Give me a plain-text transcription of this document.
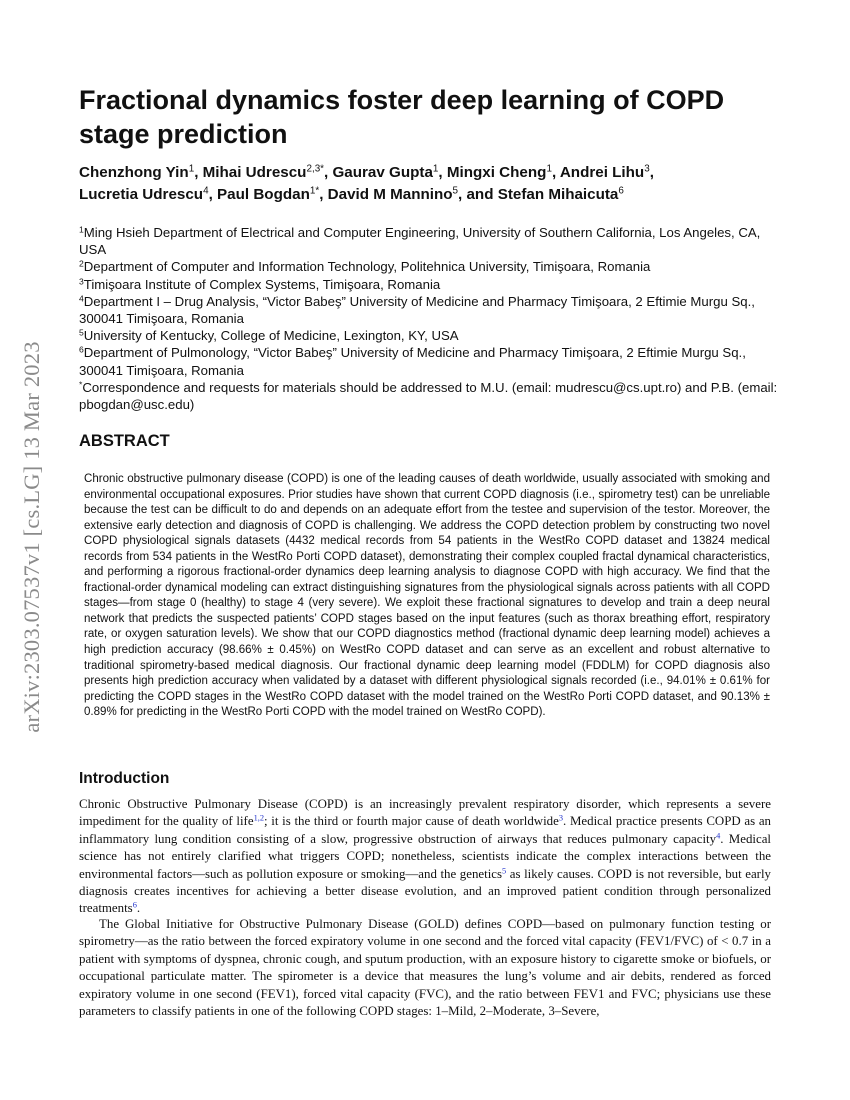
arXiv:2303.07537v1 [cs.LG] 13 Mar 2023
Fractional dynamics foster deep learning of COPD stage prediction
Chenzhong Yin$^1$, Mihai Udrescu$^{2,3*}$, Gaurav Gupta$^1$, Mingxi Cheng$^1$, Andrei Lihu$^3$,
Lucretia Udrescu$^4$, Paul Bogdan$^{1*}$, David M Mannino$^5$, and Stefan Mihaicuta$^6$

$^1$Ming Hsieh Department of Electrical and Computer Engineering, University of Southern California, Los Angeles, CA, USA

$^2$Department of Computer and Information Technology, Politehnica University, Timişoara, Romania

$^3$Timişoara Institute of Complex Systems, Timişoara, Romania

$^4$Department I – Drug Analysis, “Victor Babeş” University of Medicine and Pharmacy Timişoara, 2 Eftimie Murgu Sq., 300041 Timişoara, Romania

$^5$University of Kentucky, College of Medicine, Lexington, KY, USA

$^6$Department of Pulmonology, “Victor Babeş” University of Medicine and Pharmacy Timişoara, 2 Eftimie Murgu Sq., 300041 Timişoara, Romania

*Correspondence and requests for materials should be addressed to M.U. (email: mudrescu@cs.upt.ro) and P.B. (email: pbogdan@usc.edu)

ABSTRACT

Chronic obstructive pulmonary disease (COPD) is one of the leading causes of death worldwide, usually associated with smoking and environmental occupational exposures. Prior studies have shown that current COPD diagnosis (i.e., spirometry test) can be unreliable because the test can be difficult to do and depends on an adequate effort from the testee and supervision of the testor. Moreover, the extensive early detection and diagnosis of COPD is challenging. We address the COPD detection problem by constructing two novel COPD physiological signals datasets (4432 medical records from 54 patients in the WestRo COPD dataset and 13824 medical records from 534 patients in the WestRo Porti COPD dataset), demonstrating their complex coupled fractal dynamical characteristics, and performing a rigorous fractional-order dynamics deep learning analysis to diagnose COPD with high accuracy. We find that the fractional-order dynamical modeling can extract distinguishing signatures from the physiological signals across patients with all COPD stages—from stage 0 (healthy) to stage 4 (very severe). We exploit these fractional signatures to develop and train a deep neural network that predicts the suspected patients’ COPD stages based on the input features (such as thorax breathing effort, respiratory rate, or oxygen saturation levels). We show that our COPD diagnostics method (fractional dynamic deep learning model) achieves a high prediction accuracy (98.66% ± 0.45%) on WestRo COPD dataset and can serve as an excellent and robust alternative to traditional spirometry-based medical diagnosis. Our fractional dynamic deep learning model (FDDLM) for COPD diagnosis also presents high prediction accuracy when validated by a dataset with different physiological signals recorded (i.e., 94.01% ± 0.61% for predicting the COPD stages in the WestRo COPD dataset with the model trained on the WestRo Porti COPD dataset, and 90.13% ± 0.89% for predicting in the WestRo Porti COPD with the model trained on WestRo COPD).

Introduction

Chronic Obstructive Pulmonary Disease (COPD) is an increasingly prevalent respiratory disorder, which represents a severe impediment for the quality of life$^{1,2}$; it is the third or fourth major cause of death worldwide$^3$. Medical practice presents COPD as an inflammatory lung condition consisting of a slow, progressive obstruction of airways that reduces pulmonary capacity$^4$. Medical science has not entirely clarified what triggers COPD; nonetheless, scientists indicate the complex interactions between the environmental factors—such as pollution exposure or smoking—and the genetics$^5$ as likely causes. COPD is not reversible, but early diagnosis creates incentives for achieving a better disease evolution, and an improved patient condition through personalized treatments$^6$.

The Global Initiative for Obstructive Pulmonary Disease (GOLD) defines COPD—based on pulmonary function testing or spirometry—as the ratio between the forced expiratory volume in one second and the forced vital capacity (FEV1/FVC) of < 0.7 in a patient with symptoms of dyspnea, chronic cough, and sputum production, with an exposure history to cigarette smoke or biofuels, or occupational particulate matter. The spirometer is a device that measures the lung’s volume and air debits, rendered as forced expiratory volume in one second (FEV1), forced vital capacity (FVC), and the ratio between FEV1 and FVC; physicians use these parameters to classify patients in one of the following COPD stages: 1–Mild, 2–Moderate, 3–Severe,
